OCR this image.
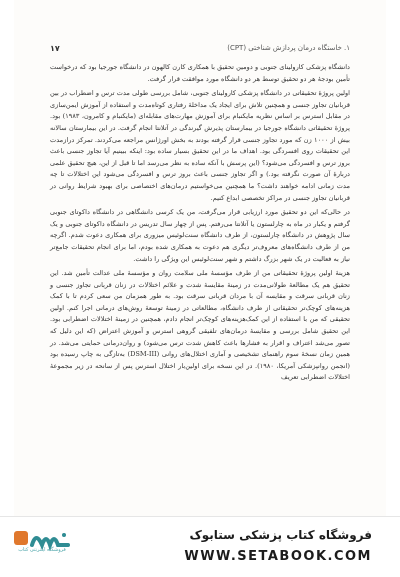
۱. خاستگاه درمان پردازش شناختی (CPT)
۱۷

دانشگاه پزشکی کارولینای جنوبی و دومین تحقیق با همکاری کارن کالهون در دانشگاه جورجیا بود که درخواست تأمین بودجهٔ هر دو تحقیق توسط هر دو دانشگاه مورد موافقت قرار گرفت.

اولین پروژهٔ تحقیقاتی در دانشگاه پزشکی کارولینای جنوبی، شامل بررسی طولی مدت ترس و اضطراب در بین قربانیان تجاوز جنسی و همچنین تلاش برای ایجاد یک مداخلهٔ رفتاری کوتاه‌مدت و استفاده از آموزش ایمن‌سازی در مقابل استرس بر اساس نظریه مایکنبام برای آموزش مهارت‌های مقابله‌ای (مایکنبام و کامرون، ۱۹۸۳) بود. پروژهٔ تحقیقاتی دانشگاه جورجیا در بیمارستان پذیرش گیرندگی در آتلانتا انجام گرفت. در این بیمارستان سالانه بیش از ۱۰۰۰ زن که مورد تجاوز جنسی قرار گرفته بودند به بخش اورژانس مراجعه می‌کردند. تمرکز درازمدت این تحقیقات روی افسردگی بود. اهداف ما در این تحقیق بسیار ساده بود: اینکه ببینیم آیا تجاوز جنسی باعث بروز ترس و افسردگی می‌شود؟ (این پرسش با آنکه ساده به نظر می‌رسد اما تا قبل از این، هیچ تحقیق علمی دربارهٔ آن صورت نگرفته بود.) و اگر تجاوز جنسی باعث بروز ترس و افسردگی می‌شود این اختلالات تا چه مدت زمانی ادامه خواهند داشت؟ ما همچنین می‌خواستیم درمان‌های اختصاصی برای بهبود شرایط روانی در قربانیان تجاوز جنسی در مراکز تخصصی ابداع کنیم.

در حالی‌که این دو تحقیق مورد ارزیابی قرار می‌گرفت، من یک کرسی دانشگاهی در دانشگاه داکوتای جنوبی گرفتم و یکبار در ماه به چارلستون یا آتلانتا می‌رفتم. پس از چهار سال تدریس در دانشگاه داکوتای جنوبی و یک سال پژوهش در دانشگاه چارلستون، از طرف دانشگاه سنت‌لوئیس میزوری برای همکاری دعوت شدم. اگرچه من از طرف دانشگاه‌های معروف‌تر دیگری هم دعوت به همکاری شده بودم، اما برای انجام تحقیقات جامع‌تر نیاز به فعالیت در یک شهر بزرگ داشتم و شهر سنت‌لوئیس این ویژگی را داشت.

هزینهٔ اولین پروژهٔ تحقیقاتی من از طرف مؤسسهٔ ملی سلامت روان و مؤسسهٔ ملی عدالت تأمین شد. این تحقیق هم یک مطالعهٔ طولانی‌مدت در زمینهٔ مقایسهٔ شدت و علائم اختلالات در زنان قربانی تجاوز جنسی و زنان قربانی سرقت و مقایسه آن با مردان قربانی سرقت بود. به طور همزمان من سعی کردم تا با کمک هزینه‌های کوچک‌تر تحقیقاتی از طرف دانشگاه، مطالعاتی در زمینهٔ توسعهٔ روش‌های درمانی اجرا کنم. اولین تحقیقی که من با استفاده از این کمک‌هزینه‌های کوچک‌تر انجام دادم، همچنین در زمینهٔ اختلالات اضطرابی بود. این تحقیق شامل بررسی و مقایسهٔ درمان‌های تلفیقی گروهی استرس و آموزش اعتراض (که این دلیل که تصور می‌شد اعتراف و اقرار به فشارها باعث کاهش شدت ترس می‌شود) و روان‌درمانی حمایتی می‌شد. در همین زمان نسخهٔ سوم راهنمای تشخیصی و آماری اختلال‌های روانی (DSM-III) به‌تازگی به چاپ رسیده بود (انجمن روانپزشکی آمریکا، ۱۹۸۰). در این نسخه برای اولین‌بار اختلال استرس پس از سانحه در زیر مجموعهٔ اختلالات اضطرابی تعریف

فروشگاه اینترنتی کتاب
فروشگاه کتاب پزشکی ستابوک
WWW.SETABOOK.COM
